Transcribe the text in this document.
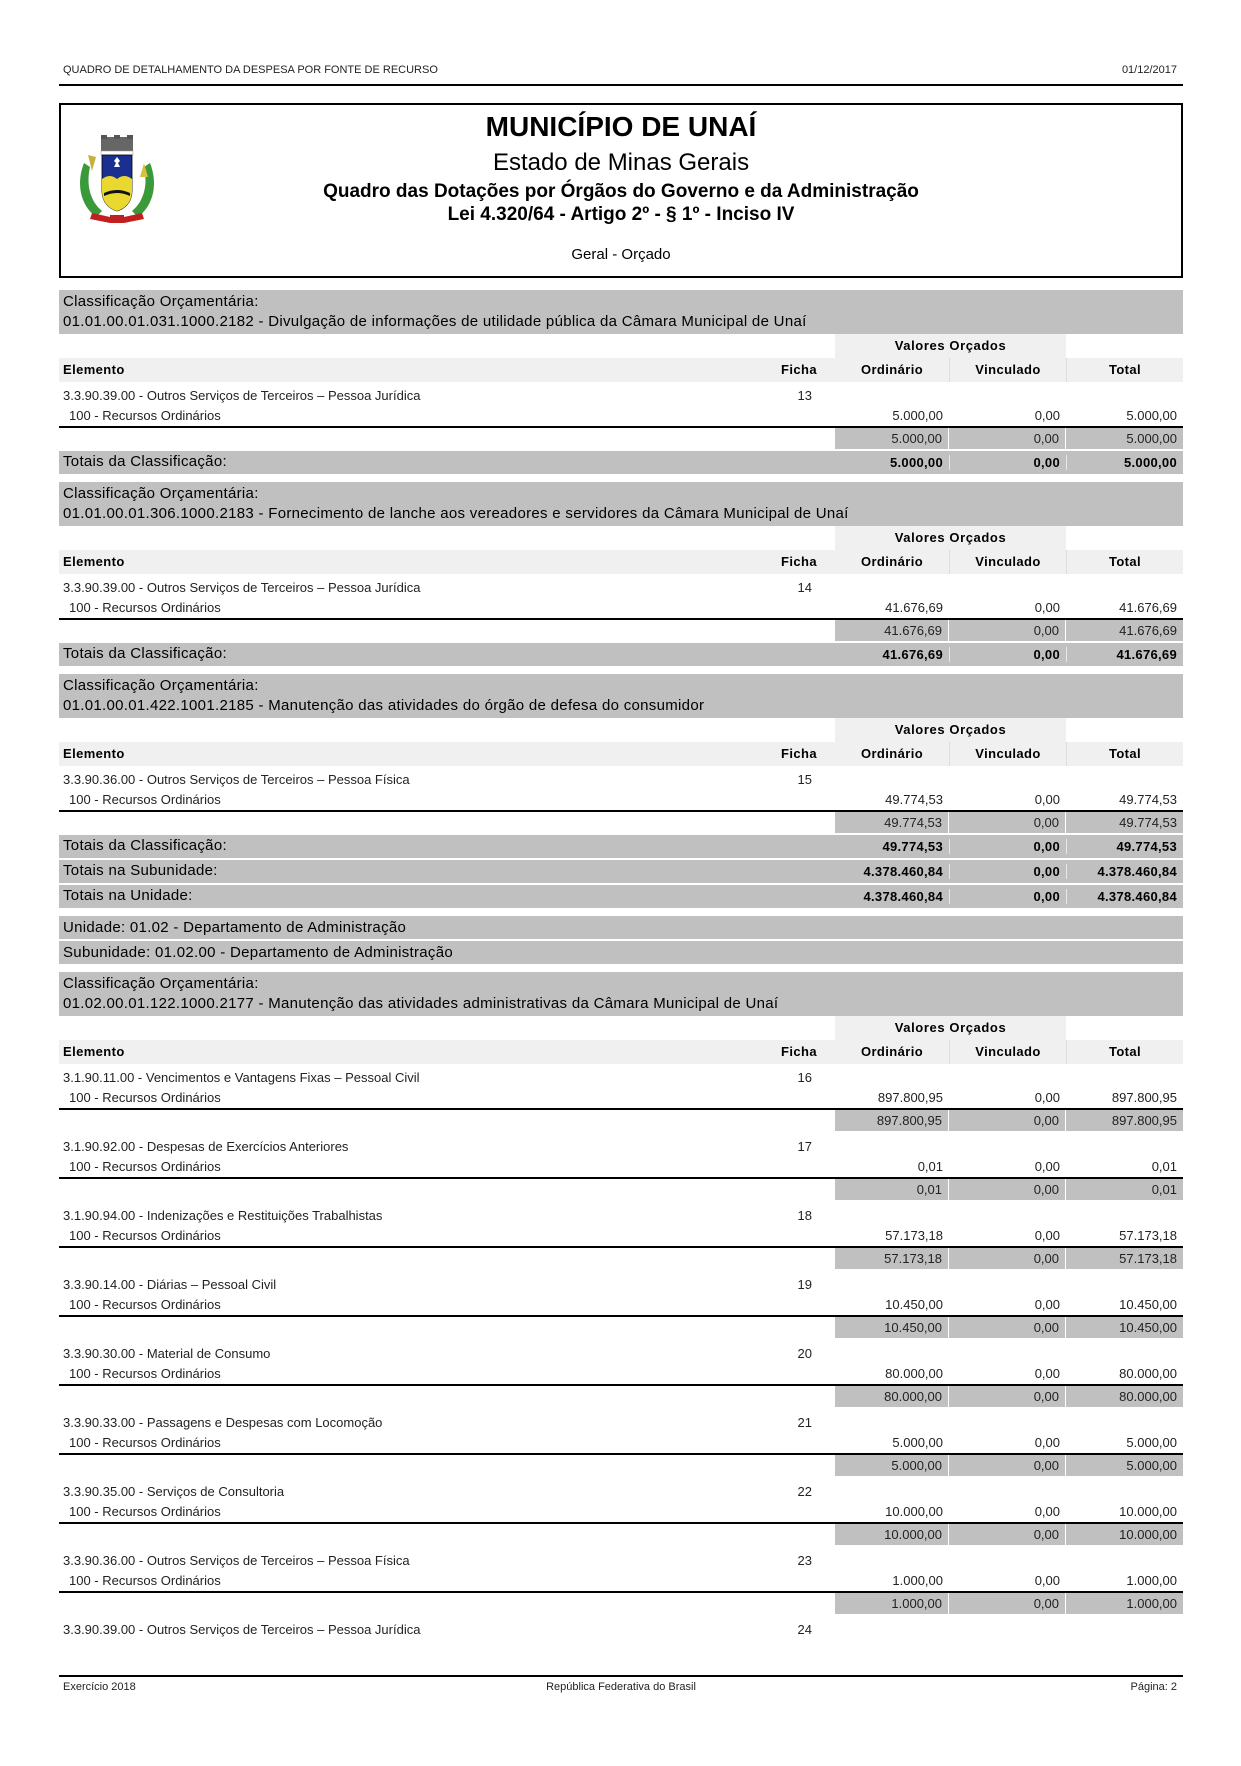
QUADRO DE DETALHAMENTO DA DESPESA POR FONTE DE RECURSO	01/12/2017
MUNICÍPIO DE UNAÍ
Estado de Minas Gerais
Quadro das Dotações por Órgãos do Governo e da Administração
Lei 4.320/64 - Artigo 2º - § 1º - Inciso IV
Geral - Orçado
Classificação Orçamentária:
01.01.00.01.031.1000.2182 - Divulgação de informações de utilidade pública da Câmara Municipal de Unaí
Valores Orçados
Elemento	Ficha	Ordinário	Vinculado	Total
3.3.90.39.00 - Outros Serviços de Terceiros – Pessoa Jurídica	13
100 - Recursos Ordinários	5.000,00	0,00	5.000,00
5.000,00	0,00	5.000,00
Totais da Classificação:	5.000,00	0,00	5.000,00
Classificação Orçamentária:
01.01.00.01.306.1000.2183 - Fornecimento de lanche aos vereadores e servidores da Câmara Municipal de Unaí
Valores Orçados
Elemento	Ficha	Ordinário	Vinculado	Total
3.3.90.39.00 - Outros Serviços de Terceiros – Pessoa Jurídica	14
100 - Recursos Ordinários	41.676,69	0,00	41.676,69
41.676,69	0,00	41.676,69
Totais da Classificação:	41.676,69	0,00	41.676,69
Classificação Orçamentária:
01.01.00.01.422.1001.2185 - Manutenção das atividades do órgão de defesa do consumidor
Valores Orçados
Elemento	Ficha	Ordinário	Vinculado	Total
3.3.90.36.00 - Outros Serviços de Terceiros – Pessoa Física	15
100 - Recursos Ordinários	49.774,53	0,00	49.774,53
49.774,53	0,00	49.774,53
Totais da Classificação:	49.774,53	0,00	49.774,53
Totais na Subunidade:	4.378.460,84	0,00	4.378.460,84
Totais na Unidade:	4.378.460,84	0,00	4.378.460,84
Unidade: 01.02 - Departamento de Administração
Subunidade: 01.02.00 - Departamento de Administração
Classificação Orçamentária:
01.02.00.01.122.1000.2177 - Manutenção das atividades administrativas da Câmara Municipal de Unaí
Valores Orçados
Elemento	Ficha	Ordinário	Vinculado	Total
3.1.90.11.00 - Vencimentos e Vantagens Fixas – Pessoal Civil	16
100 - Recursos Ordinários	897.800,95	0,00	897.800,95
897.800,95	0,00	897.800,95
3.1.90.92.00 - Despesas de Exercícios Anteriores	17
100 - Recursos Ordinários	0,01	0,00	0,01
0,01	0,00	0,01
3.1.90.94.00 - Indenizações e Restituições Trabalhistas	18
100 - Recursos Ordinários	57.173,18	0,00	57.173,18
57.173,18	0,00	57.173,18
3.3.90.14.00 - Diárias – Pessoal Civil	19
100 - Recursos Ordinários	10.450,00	0,00	10.450,00
10.450,00	0,00	10.450,00
3.3.90.30.00 - Material de Consumo	20
100 - Recursos Ordinários	80.000,00	0,00	80.000,00
80.000,00	0,00	80.000,00
3.3.90.33.00 - Passagens e Despesas com Locomoção	21
100 - Recursos Ordinários	5.000,00	0,00	5.000,00
5.000,00	0,00	5.000,00
3.3.90.35.00 - Serviços de Consultoria	22
100 - Recursos Ordinários	10.000,00	0,00	10.000,00
10.000,00	0,00	10.000,00
3.3.90.36.00 - Outros Serviços de Terceiros – Pessoa Física	23
100 - Recursos Ordinários	1.000,00	0,00	1.000,00
1.000,00	0,00	1.000,00
3.3.90.39.00 - Outros Serviços de Terceiros – Pessoa Jurídica	24
Exercício 2018	República Federativa do Brasil	Página: 2
